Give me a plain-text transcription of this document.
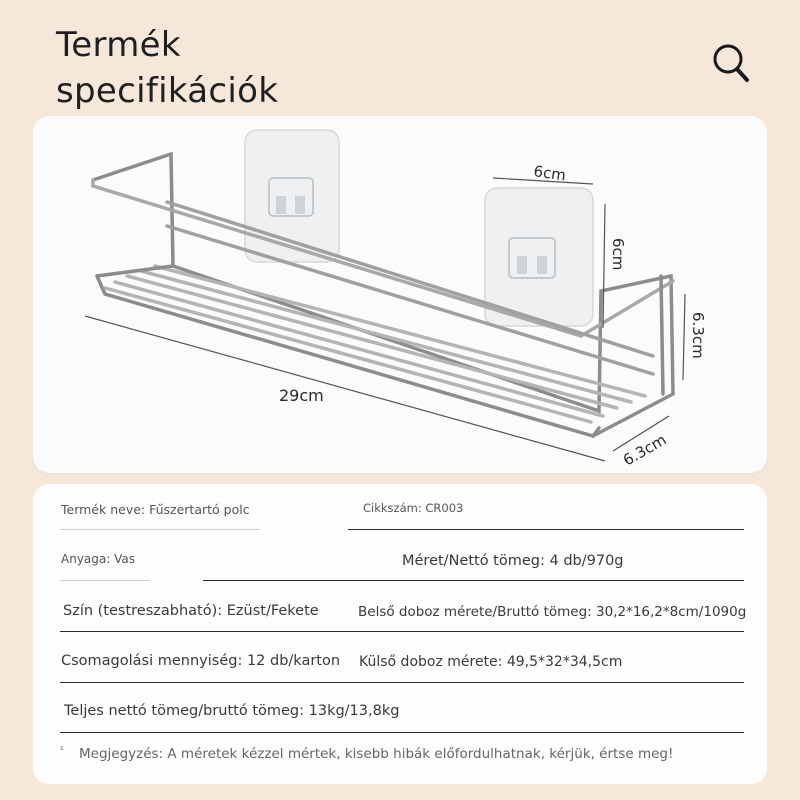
Termék
specifikációk
29cm
6cm
6cm
6.3cm
6.3cm
Termék neve: Fűszertartó polc	Cikkszám: CR003
Anyaga: Vas	Méret/Nettó tömeg: 4 db/970g
Szín (testreszabható): Ezüst/Fekete	Belső doboz mérete/Bruttó tömeg: 30,2*16,2*8cm/1090g
Csomagolási mennyiség: 12 db/karton Külső doboz mérete: 49,5*32*34,5cm
Teljes nettó tömeg/bruttó tömeg: 13kg/13,8kg
¹ Megjegyzés: A méretek kézzel mértek, kisebb hibák előfordulhatnak, kérjük, értse meg!
